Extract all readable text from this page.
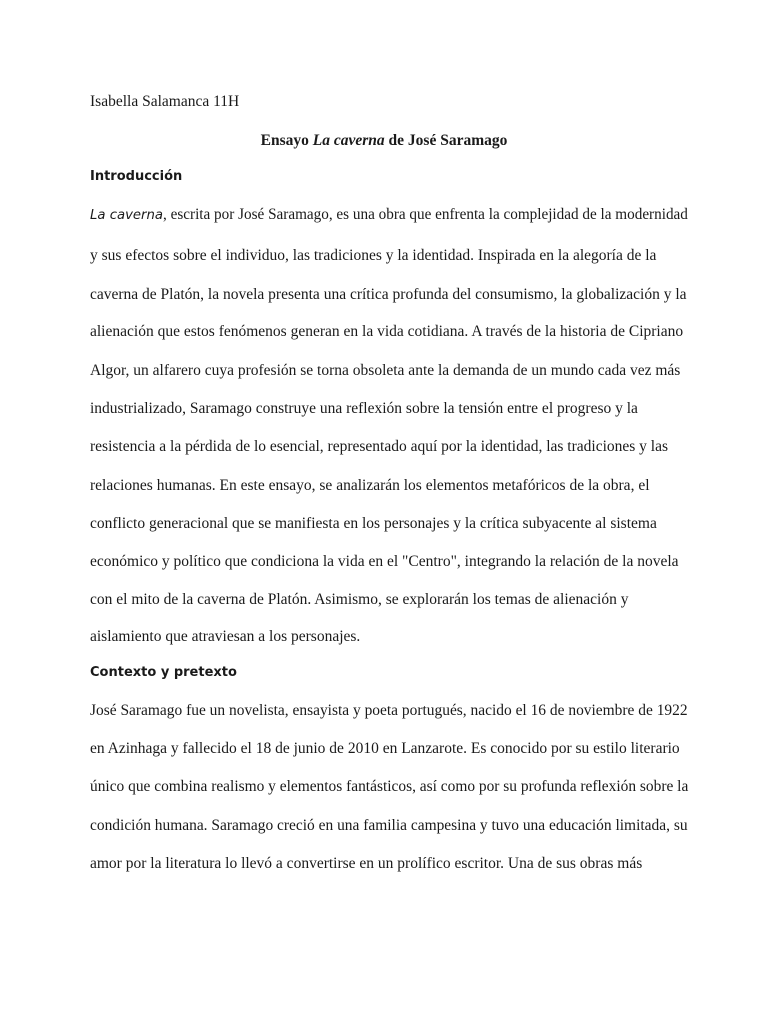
Isabella Salamanca 11H

Ensayo La caverna de José Saramago

Introducción

La caverna, escrita por José Saramago, es una obra que enfrenta la complejidad de la modernidad

y sus efectos sobre el individuo, las tradiciones y la identidad. Inspirada en la alegoría de la

caverna de Platón, la novela presenta una crítica profunda del consumismo, la globalización y la

alienación que estos fenómenos generan en la vida cotidiana. A través de la historia de Cipriano

Algor, un alfarero cuya profesión se torna obsoleta ante la demanda de un mundo cada vez más

industrializado, Saramago construye una reflexión sobre la tensión entre el progreso y la

resistencia a la pérdida de lo esencial, representado aquí por la identidad, las tradiciones y las

relaciones humanas. En este ensayo, se analizarán los elementos metafóricos de la obra, el

conflicto generacional que se manifiesta en los personajes y la crítica subyacente al sistema

económico y político que condiciona la vida en el "Centro", integrando la relación de la novela

con el mito de la caverna de Platón. Asimismo, se explorarán los temas de alienación y

aislamiento que atraviesan a los personajes.

Contexto y pretexto

José Saramago fue un novelista, ensayista y poeta portugués, nacido el 16 de noviembre de 1922

en Azinhaga y fallecido el 18 de junio de 2010 en Lanzarote. Es conocido por su estilo literario

único que combina realismo y elementos fantásticos, así como por su profunda reflexión sobre la

condición humana. Saramago creció en una familia campesina y tuvo una educación limitada, su

amor por la literatura lo llevó a convertirse en un prolífico escritor. Una de sus obras más
